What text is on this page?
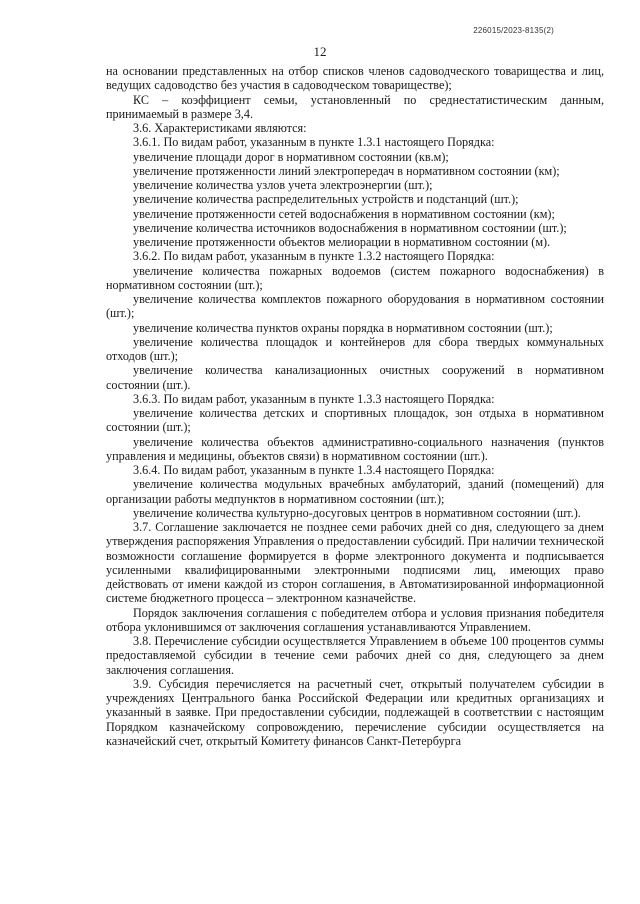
226015/2023-8135(2)
12

на основании представленных на отбор списков членов садоводческого товарищества и лиц, ведущих садоводство без участия в садоводческом товариществе);

КС – коэффициент семьи, установленный по среднестатистическим данным, принимаемый в размере 3,4.

3.6. Характеристиками являются:

3.6.1. По видам работ, указанным в пункте 1.3.1 настоящего Порядка:

увеличение площади дорог в нормативном состоянии (кв.м);

увеличение протяженности линий электропередач в нормативном состоянии (км);

увеличение количества узлов учета электроэнергии (шт.);

увеличение количества распределительных устройств и подстанций (шт.);

увеличение протяженности сетей водоснабжения в нормативном состоянии (км);

увеличение количества источников водоснабжения в нормативном состоянии (шт.);

увеличение протяженности объектов мелиорации в нормативном состоянии (м).

3.6.2. По видам работ, указанным в пункте 1.3.2 настоящего Порядка:

увеличение количества пожарных водоемов (систем пожарного водоснабжения) в нормативном состоянии (шт.);

увеличение количества комплектов пожарного оборудования в нормативном состоянии (шт.);

увеличение количества пунктов охраны порядка в нормативном состоянии (шт.);

увеличение количества площадок и контейнеров для сбора твердых коммунальных отходов (шт.);

увеличение количества канализационных очистных сооружений в нормативном состоянии (шт.).

3.6.3. По видам работ, указанным в пункте 1.3.3 настоящего Порядка:

увеличение количества детских и спортивных площадок, зон отдыха в нормативном состоянии (шт.);

увеличение количества объектов административно-социального назначения (пунктов управления и медицины, объектов связи) в нормативном состоянии (шт.).

3.6.4. По видам работ, указанным в пункте 1.3.4 настоящего Порядка:

увеличение количества модульных врачебных амбулаторий, зданий (помещений) для организации работы медпунктов в нормативном состоянии (шт.);

увеличение количества культурно-досуговых центров в нормативном состоянии (шт.).

3.7. Соглашение заключается не позднее семи рабочих дней со дня, следующего за днем утверждения распоряжения Управления о предоставлении субсидий. При наличии технической возможности соглашение формируется в форме электронного документа и подписывается усиленными квалифицированными электронными подписями лиц, имеющих право действовать от имени каждой из сторон соглашения, в Автоматизированной информационной системе бюджетного процесса – электронном казначействе.

Порядок заключения соглашения с победителем отбора и условия признания победителя отбора уклонившимся от заключения соглашения устанавливаются Управлением.

3.8. Перечисление субсидии осуществляется Управлением в объеме 100 процентов суммы предоставляемой субсидии в течение семи рабочих дней со дня, следующего за днем заключения соглашения.

3.9. Субсидия перечисляется на расчетный счет, открытый получателем субсидии в учреждениях Центрального банка Российской Федерации или кредитных организациях и указанный в заявке. При предоставлении субсидии, подлежащей в соответствии с настоящим Порядком казначейскому сопровождению, перечисление субсидии осуществляется на казначейский счет, открытый Комитету финансов Санкт-Петербурга
